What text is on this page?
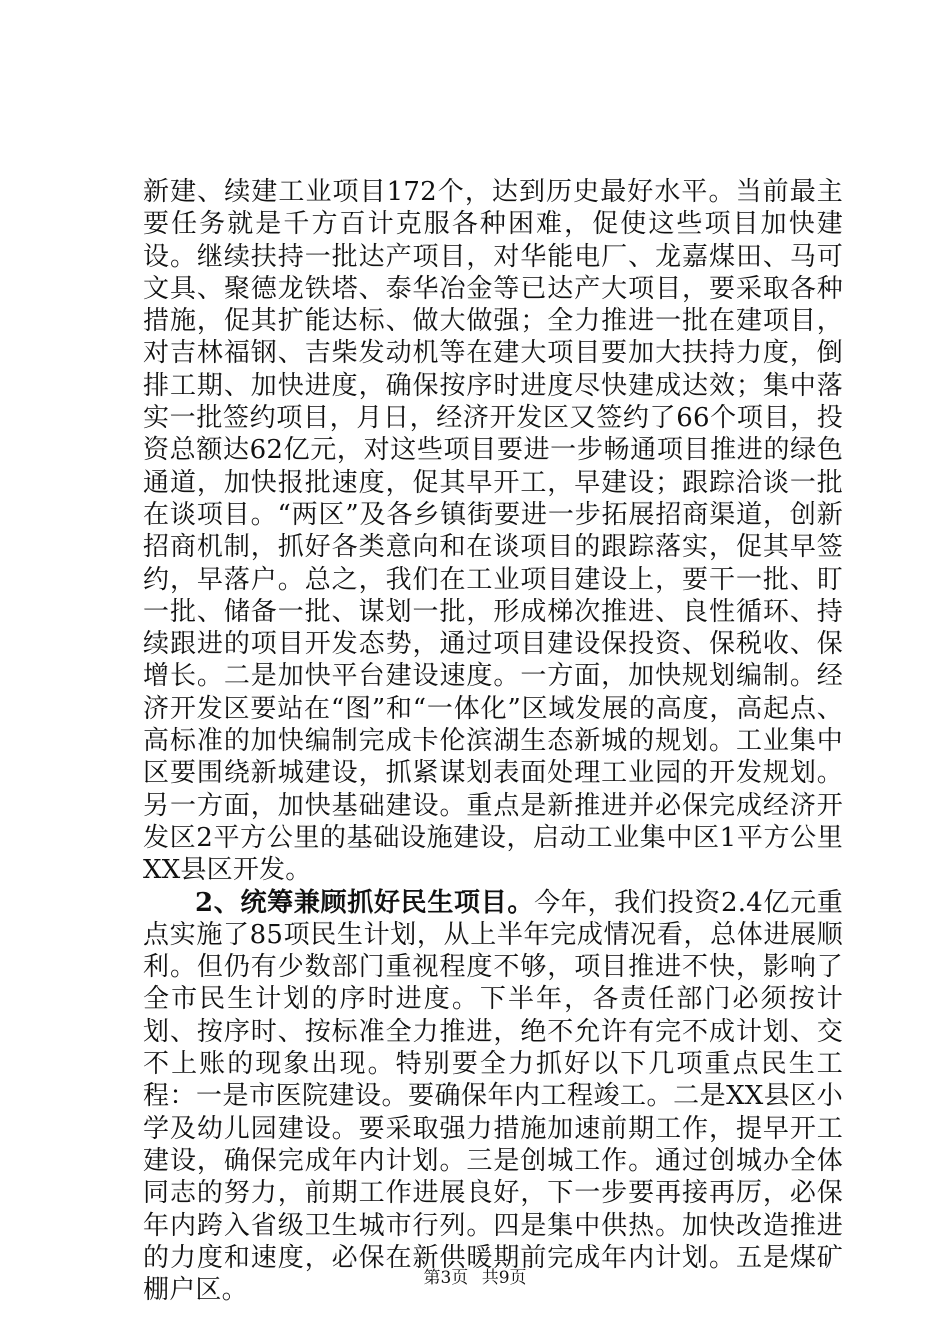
新建、续建工业项目172个，达到历史最好水平。当前最主要任务就是千方百计克服各种困难，促使这些项目加快建设。继续扶持一批达产项目，对华能电厂、龙嘉煤田、马可文具、聚德龙铁塔、泰华冶金等已达产大项目，要采取各种措施，促其扩能达标、做大做强；全力推进一批在建项目，对吉林福钢、吉柴发动机等在建大项目要加大扶持力度，倒排工期、加快进度，确保按序时进度尽快建成达效；集中落实一批签约项目，月日，经济开发区又签约了66个项目，投资总额达62亿元，对这些项目要进一步畅通项目推进的绿色通道，加快报批速度，促其早开工，早建设；跟踪洽谈一批在谈项目。“两区”及各乡镇街要进一步拓展招商渠道，创新招商机制，抓好各类意向和在谈项目的跟踪落实，促其早签约，早落户。总之，我们在工业项目建设上，要干一批、盯一批、储备一批、谋划一批，形成梯次推进、良性循环、持续跟进的项目开发态势，通过项目建设保投资、保税收、保增长。二是加快平台建设速度。一方面，加快规划编制。经济开发区要站在“图”和“一体化”区域发展的高度，高起点、高标准的加快编制完成卡伦滨湖生态新城的规划。工业集中区要围绕新城建设，抓紧谋划表面处理工业园的开发规划。另一方面，加快基础建设。重点是新推进并必保完成经济开发区2平方公里的基础设施建设，启动工业集中区1平方公里XX县区开发。

2、统筹兼顾抓好民生项目。今年，我们投资2.4亿元重点实施了85项民生计划，从上半年完成情况看，总体进展顺利。但仍有少数部门重视程度不够，项目推进不快，影响了全市民生计划的序时进度。下半年，各责任部门必须按计划、按序时、按标准全力推进，绝不允许有完不成计划、交不上账的现象出现。特别要全力抓好以下几项重点民生工程：一是市医院建设。要确保年内工程竣工。二是XX县区小学及幼儿园建设。要采取强力措施加速前期工作，提早开工建设，确保完成年内计划。三是创城工作。通过创城办全体同志的努力，前期工作进展良好，下一步要再接再厉，必保年内跨入省级卫生城市行列。四是集中供热。加快改造推进的力度和速度，必保在新供暖期前完成年内计划。五是煤矿棚户区。	第3页 共9页
